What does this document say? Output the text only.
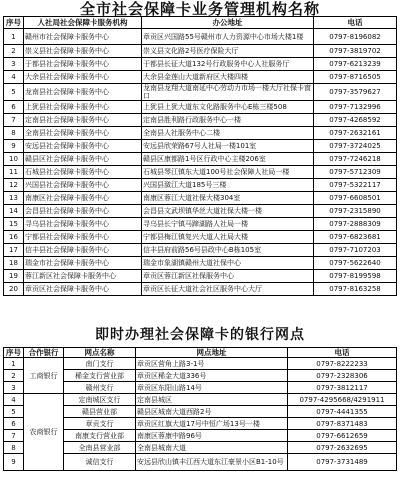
全市社会保障卡业务管理机构名称
序号	人社局社会保障卡服务机构	办公地址	电话
1	赣州市社会保障卡服务中心	章贡区兴国路55号赣州市人力资源中心市场大楼1楼	0797-8196082
2	崇义县社会保障卡服务中心	崇义县文化路2号医疗保险大厅	0797-3819702
3	于都县社会保障卡服务中心	于都县长征大道132号行政服务中心人社服务厅	0797-6213239
4	大余县社会保障卡服务中心	大余县金莲山大道新府区大楼四楼	0797-8716505
5	龙南县社会保障卡服务中心	龙南县龙翔大道南延中心劳动力市场一楼大厅社保卡窗口	0797-3579627
6	上犹县社会保障卡服务中心	上犹县上犹大道东文化路服务中心E栋三楼508	0797-7132996
7	定南县社会保障卡服务中心	定南县胜利路行政服务中心一楼	0797-4268592
8	全南县社会保障卡服务中心	全南县人社服务中心二楼	0797-2632161
9	安远县社会保障卡服务中心	安远县欣荣路67号人社局一楼101室	0797-3724025
10	赣县区社会保障卡服务中心	赣县区康都路1号区行政中心主楼206室	0797-7246218
11	石城县社会保障卡服务中心	石城县琴江镇东大道100号社会保障人社局一楼	0797-5712309
12	兴国县社会保障卡服务中心	兴国县潋江大道185号三楼	0797-5322117
13	南康区社会保障卡服务中心	南康区蓉江大道社保大楼304室	0797-6608501
14	会昌县社会保障卡服务中心	会昌县文武坝镇华丝大道社保大楼一楼	0797-2315890
15	寻乌县社会保障卡服务中心	寻乌县长宁镇马蹄湖路人社局一楼	0797-2888309
16	宁都县社会保障卡服务中心	宁都县梅江镇复兴大道人社局大楼	0797-6823681
17	信丰县社会保障卡服务中心	信丰县府前路56号县政中心B栋105室	0797-7107203
18	瑞金市社会保障卡服务中心	瑞金市象湖镇赣州大道社保中心	0797-5622640
19	蓉江新区社会保障卡服务中心	章贡区蓉江新区社保服务中心	0797-8199598
20	章贡区社会保障卡服务中心	章贡区长征大道社会社区服务中心大厅	0797-8163258
即时办理社会保障卡的银行网点
序号	合作银行	网点名称	网点地址	电话
1	工商银行	南门支行	章贡区营角上路3-1号	0797-8222233
2		稀金支行营业部	章贡区稀金大道336号	0797-2328306
3		赣州支行	章贡区东阳山路14号	0797-3812117
4	农商银行	定南城区支行	定南县城区	0797-4295668/4291911
5		赣县营业部	赣县区城南大道西路2号	0797-4441355
6		章贡支行	章贡区红旗大道17号中恒广场13号一楼	0797-8371483
7		南康支行营业部	南康区蓉康中路96号	0797-6612659
8		全南县营业部	全南县城南大道	0797-2632695
9		诚信支行	安远县欣山镇丰江西大道东江豪景小区B1-10号	0797-3731489
